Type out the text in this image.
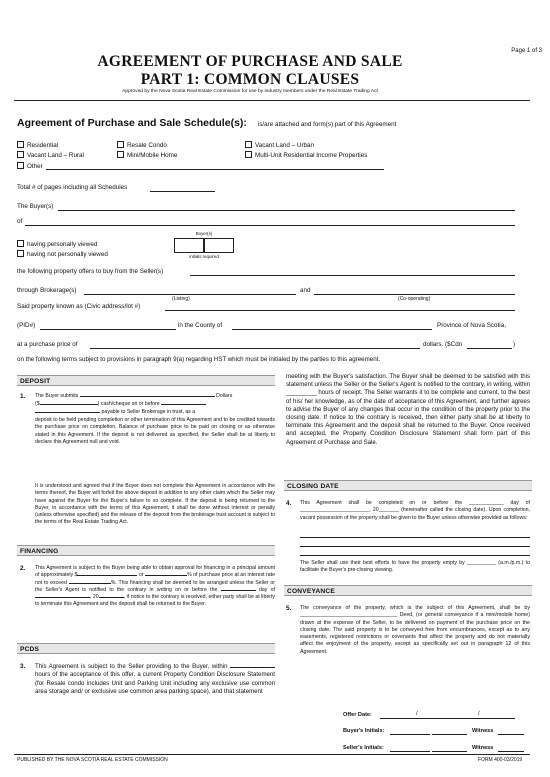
Page 1 of 3
AGREEMENT OF PURCHASE AND SALE
PART 1: COMMON CLAUSES
Approved by the Nova Scotia Real Estate Commission for use by industry members under the Real Estate Trading Act
Agreement of Purchase and Sale Schedule(s): is/are attached and form(s) part of this Agreement
Residential	Resale Condo	Vacant Land – Urban
Vacant Land – Rural	Mini/Mobile Home	Multi-Unit Residential Income Properties
Other
Total # of pages including all Schedules
The Buyer(s)
of
Buyer(s)
initials required
having personally viewed
having not personally viewed
the following property offers to buy from the Seller(s)
through Brokerage(s)	and
(Listing)	(Co-operating)
Said property known as (Civic address/lot #)
(PID#)	in the County of	Province of Nova Scotia,
at a purchase price of	dollars. ($Cdn	)
on the following terms subject to provisions in paragraph 9(a) regarding HST which must be initialed by the parties to this agreement.
DEPOSIT
1. The Buyer submits	Dollars
($	) cash/cheque on or before
payable to Seller Brokerage in trust, as a
deposit to be held pending completion or other termination of this Agreement and to be credited towards the purchase price on completion. Balance of purchase price to be paid on closing or as otherwise stated in this Agreement. If the deposit is not delivered as specified, the Seller shall be at liberty to declare this Agreement null and void.
It is understood and agreed that if the Buyer does not complete this Agreement in accordance with the terms thereof, the Buyer will forfeit the above deposit in addition to any other claim which the Seller may have against the Buyer for the Buyer's failure to so complete. If the deposit is being returned to the Buyer, in accordance with the terms of this Agreement, it shall be done without interest or penalty (unless otherwise specified) and the release of the deposit from the brokerage trust account is subject to the terms of the Real Estate Trading Act.
FINANCING
2. This Agreement is subject to the Buyer being able to obtain approval for financing in a principal amount of approximately $	or	% of purchase price at an interest rate not to exceed	%. This financing shall be deemed to be arranged unless the Seller or the Seller's Agent is notified to the contrary in writing on or before the	day of , 20	, if notice to the contrary is received, either party shall be at liberty to terminate this Agreement and the deposit shall be returned to the Buyer.
PCDS
3. This Agreement is subject to the Seller providing to the Buyer, within  hours of the acceptance of this offer, a current Property Condition Disclosure Statement (for Resale condo includes Unit and Parking Unit including any exclusive use common area storage and/ or exclusive use common area parking space), and that statement
meeting with the Buyer's satisfaction. The Buyer shall be deemed to be satisfied with this statement unless the Seller or the Seller's Agent is notified to the contrary, in writing, within _________ hours of receipt. The Seller warrants it to be complete and current, to the best of his/ her knowledge, as of the date of acceptance of this Agreement, and further agrees to advise the Buyer of any changes that occur in the condition of the property prior to the closing date. If notice to the contrary is received, then either party shall be at liberty to terminate this Agreement and the deposit shall be returned to the Buyer. Once received and accepted, the Property Condition Disclosure Statement shall form part of this Agreement of Purchase and Sale.
CLOSING DATE
4. This Agreement shall be completed on or before the ____________ day of ________________________, 20_______ (hereinafter called the closing date). Upon completion, vacant possession of the property shall be given to the Buyer unless otherwise provided as follows:
The Seller shall use their best efforts to have the property empty by __________ (a.m./p.m.) to facilitate the Buyer's pre-closing viewing.
CONVEYANCE
5. The conveyance of the property, which is the subject of this Agreement, shall be by _________________________________ Deed, (or general conveyance if a mini/mobile home) drawn at the expense of the Seller, to be delivered on payment of the purchase price on the closing date. The said property is to be conveyed free from encumbrances, except as to any easements, registered restrictions or covenants that affect the property and do not materially affect the enjoyment of the property, except as specifically set out in paragraph 12 of this Agreement.
Offer Date:	/	/
Buyer's Initials:	Witness
Seller's Initials:	Witness
PUBLISHED BY THE NOVA SCOTIA REAL ESTATE COMMISSION	FORM 400-03/2019
